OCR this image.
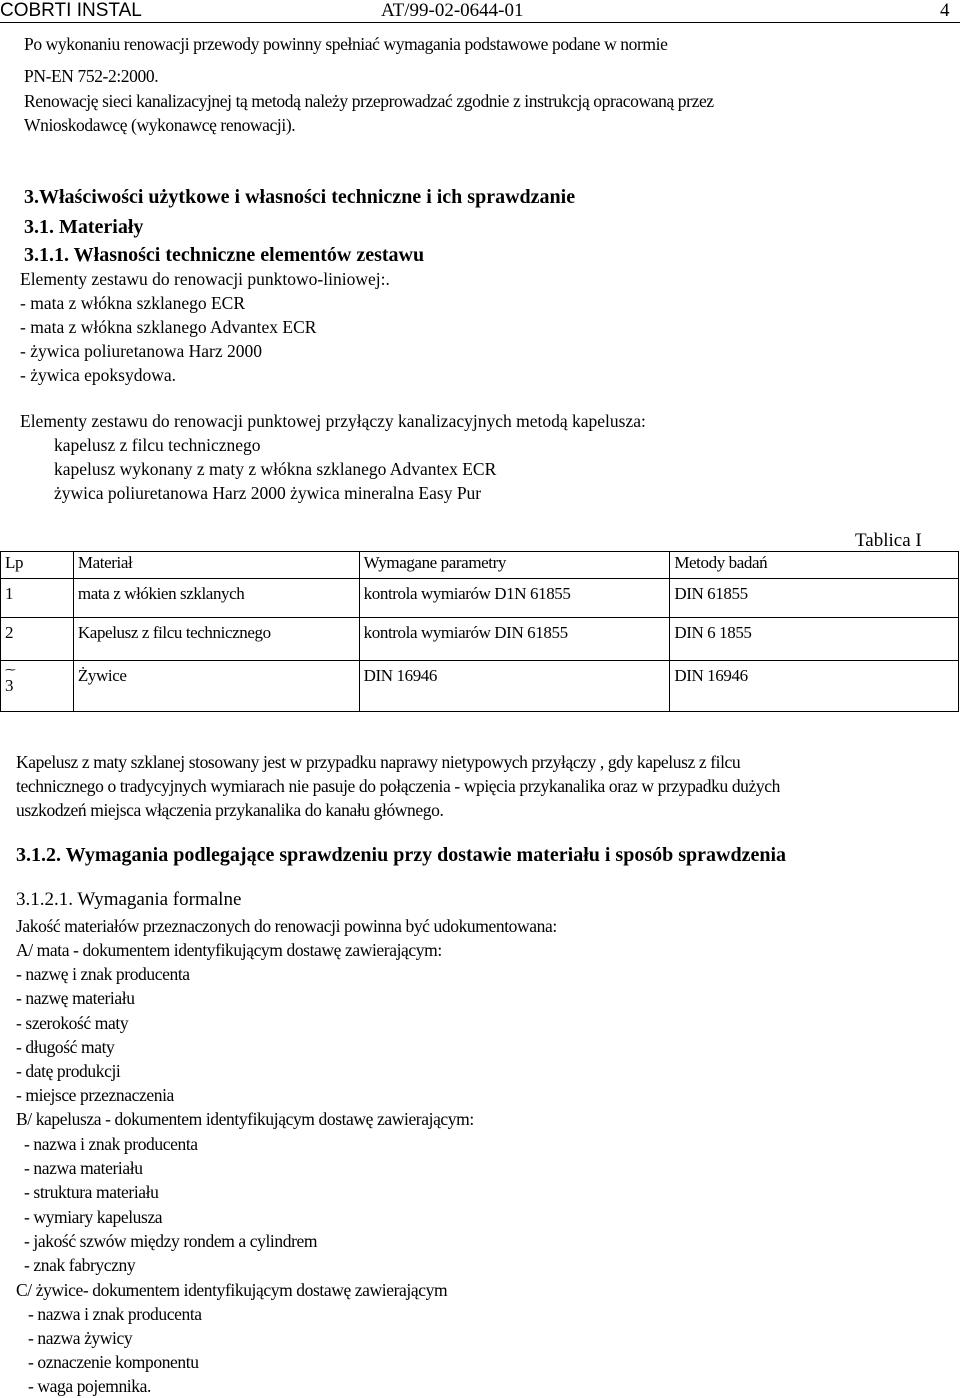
COBRTI INSTAL	AT/99-02-0644-01	4
Po wykonaniu renowacji przewody powinny spełniać wymagania podstawowe podane w normie
PN-EN 752-2:2000.
Renowację sieci kanalizacyjnej tą metodą należy przeprowadzać zgodnie z instrukcją opracowaną przez
Wnioskodawcę (wykonawcę renowacji).
3.Właściwości użytkowe i własności techniczne i ich sprawdzanie
3.1. Materiały
3.1.1. Własności techniczne elementów zestawu
Elementy zestawu do renowacji punktowo-liniowej:.
- mata z włókna szklanego ECR
- mata z włókna szklanego Advantex ECR
- żywica poliuretanowa Harz 2000
- żywica epoksydowa.
Elementy zestawu do renowacji punktowej przyłączy kanalizacyjnych metodą kapelusza:
kapelusz z filcu technicznego
kapelusz wykonany z maty z włókna szklanego Advantex ECR
żywica poliuretanowa Harz 2000 żywica mineralna Easy Pur
Tablica I
Lp	Materiał	Wymagane parametry	Metody badań
1	mata z włókien szklanych	kontrola wymiarów D1N 61855	DIN 61855
2	Kapelusz z filcu technicznego	kontrola wymiarów DIN 61855	DIN 6 1855

⁓
3	Żywice	DIN 16946	DIN 16946
Kapelusz z maty szklanej stosowany jest w przypadku naprawy nietypowych przyłączy , gdy kapelusz z filcu
technicznego o tradycyjnych wymiarach nie pasuje do połączenia - wpięcia przykanalika oraz w przypadku dużych
uszkodzeń miejsca włączenia przykanalika do kanału głównego.
3.1.2. Wymagania podlegające sprawdzeniu przy dostawie materiału i sposób sprawdzenia
3.1.2.1. Wymagania formalne
Jakość materiałów przeznaczonych do renowacji powinna być udokumentowana:
A/ mata - dokumentem identyfikującym dostawę zawierającym:
- nazwę i znak producenta
- nazwę materiału
- szerokość maty
- długość maty
- datę produkcji
- miejsce przeznaczenia
B/ kapelusza - dokumentem identyfikującym dostawę zawierającym:
- nazwa i znak producenta
- nazwa materiału
- struktura materiału
- wymiary kapelusza
- jakość szwów między rondem a cylindrem
- znak fabryczny
C/ żywice- dokumentem identyfikującym dostawę zawierającym
- nazwa i znak producenta
- nazwa żywicy
- oznaczenie komponentu
- waga pojemnika.
